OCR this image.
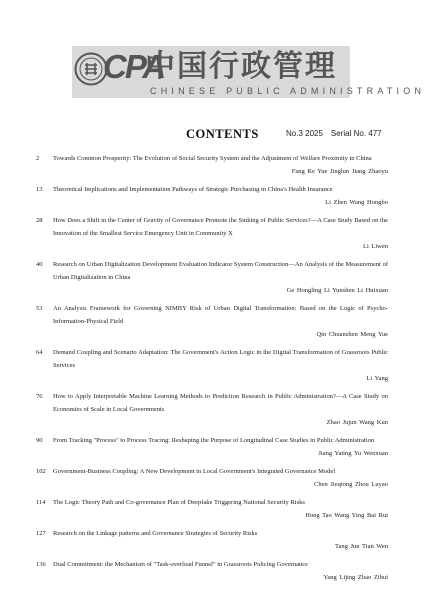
CPA
中国行政管理
CHINESE PUBLIC ADMINISTRATION
CONTENTS	No.3 2025 Serial No. 477
2	Towards Common Prosperity: The Evolution of Social Security System and the Adjustment of Welfare Proximity in China
Fang Ke Yue Jinglun Jiang Zhaoyu
13	Theoretical Implications and Implementation Pathways of Strategic Purchasing in China's Health Insurance
Li Zhen Wang Hongbo
28	How Does a Shift in the Center of Gravity of Governance Promote the Sinking of Public Services?—A Case Study Based on the Innovation of the Smallest Service Emergency Unit in Community X
Li Liwen
40	Research on Urban Digitalization Development Evaluation Indicator System Construction—An Analysis of the Measurement of Urban Digitalization in China
Ge Hongling Li Yunshen Li Huixuan
53	An Analysis Framework for Governing NIMBY Risk of Urban Digital Transformation: Based on the Logic of Psycho-Information-Physical Field
Qin Chuanshen Meng Yue
64	Demand Coupling and Scenario Adaptation: The Government's Action Logic in the Digital Transformation of Grassroots Public Services
Li Yang
76	How to Apply Interpretable Machine Learning Methods to Prediction Research in Public Administration?—A Case Study on Economies of Scale in Local Governments
Zhao Jujun Wang Kun
90	From Tracking "Process" to Process Tracing: Reshaping the Purpose of Longitudinal Case Studies in Public Administration
Jiang Yating Yu Wenxuan
102	Government-Business Coupling: A New Development in Local Government's Integrated Governance Model
Chen Jieqiong Zhou Luyao
114	The Logic Theory Path and Co-governance Plan of Deepfake Triggering National Security Risks
Hong Tao Wang Ying Bai Rui
127	Research on the Linkage patterns and Governance Strategies of Security Risks
Tang Jun Tian Wen
136	Dual Commitment: the Mechanism of "Task-overload Funnel" in Grassroots Policing Governance
Yang Lijing Zhao Zihui
